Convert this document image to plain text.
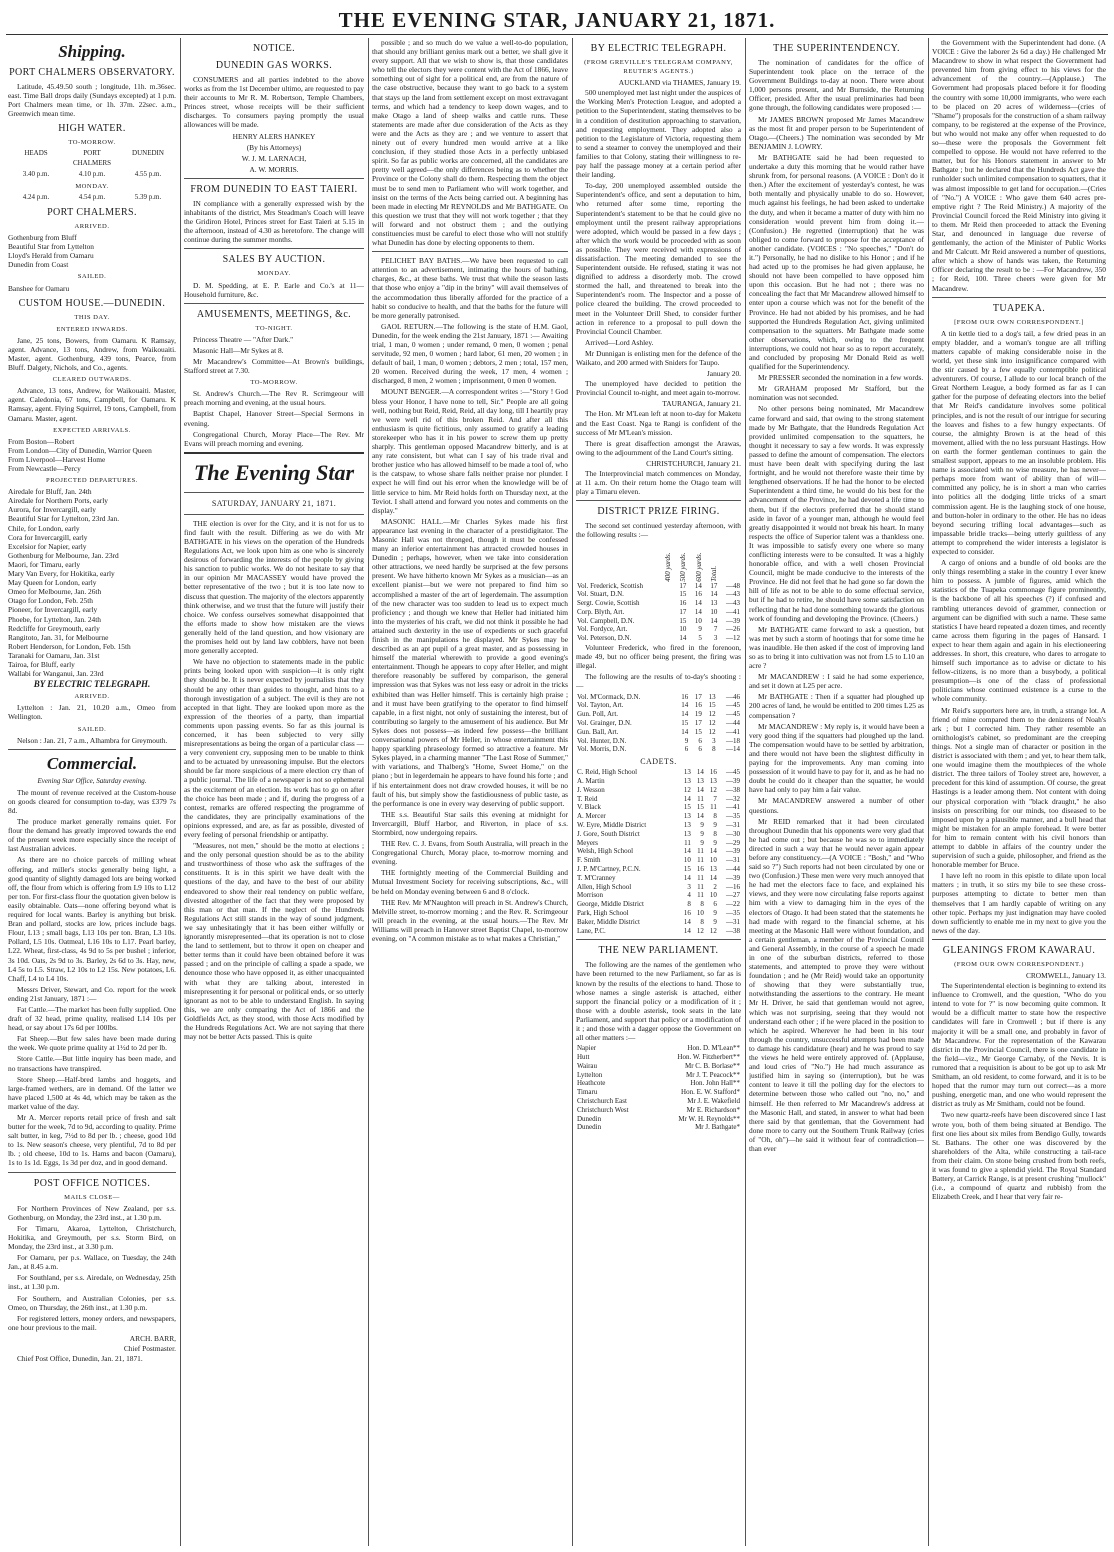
THE EVENING STAR, JANUARY 21, 1871.
Shipping.
PORT CHALMERS OBSERVATORY.

Latitude, 45.49.50 south ; longitude, 11h. m.36sec. east. Time Ball drops daily (Sundays excepted) at 1 p.m. Port Chalmers mean time, or 1h. 37m. 22sec. a.m., Greenwich mean time.

HIGH WATER.
TO-MORROW.
HEADS	PORT CHALMERS
DUNEDIN
3.40 p.m.	4.10 p.m.	4.55 p.m.
MONDAY.
4.24 p.m.	4.54 p.m.	5.39 p.m.
PORT CHALMERS.
ARRIVED.

Gothenburg from Bluff

Beautiful Star from Lyttelton

Lloyd's Herald from Oamaru

Dunedin from Coast

SAILED.

Banshee for Oamaru

CUSTOM HOUSE.—DUNEDIN.
THIS DAY.
ENTERED INWARDS.

Jane, 25 tons, Bowers, from Oamaru. K Ramsay, agent. Advance, 13 tons, Andrew, from Waikouaiti. Master, agent. Gothenburg, 439 tons, Pearce, from Bluff. Dalgety, Nichols, and Co., agents.

CLEARED OUTWARDS.

Advance, 13 tons, Andrew, for Waikouaiti. Master, agent. Caledonia, 67 tons, Campbell, for Oamaru. K Ramsay, agent. Flying Squirrel, 19 tons, Campbell, from Oamaru. Master, agent.

EXPECTED ARRIVALS.

From Boston—Robert

From London—City of Dunedin, Warrior Queen

From Liverpool—Harvest Home

From Newcastle—Percy

PROJECTED DEPARTURES.

Airedale for Bluff, Jan. 24th

Airedale for Northern Ports, early

Aurora, for Invercargill, early

Beautiful Star for Lyttelton, 23rd Jan.

Chile, for London, early

Cora for Invercargill, early

Excelsior for Napier, early

Gothenburg for Melbourne, Jan. 23rd

Maori, for Timaru, early

Mary Van Every, for Hokitika, early

May Queen for London, early

Omeo for Melbourne, Jan. 26th

Otago for London, Feb. 25th

Pioneer, for Invercargill, early

Phoebe, for Lyttelton, Jan. 24th

Redcliffe for Greymouth, early

Rangitoto, Jan. 31, for Melbourne

Robert Henderson, for London, Feb. 15th

Taranaki for Oamaru, Jan. 31st

Tairoa, for Bluff, early

Wallabi for Wanganui, Jan. 23rd

BY ELECTRIC TELEGRAPH.
ARRIVED.

Lyttelton : Jan. 21, 10.20 a.m., Omeo from Wellington.

SAILED.

Nelson : Jan. 21, 7 a.m., Alhambra for Greymouth.

Commercial.
Evening Star Office, Saturday evening.

The mount of revenue received at the Custom-house on goods cleared for consumption to-day, was £379 7s 8d.

The produce market generally remains quiet. For flour the demand has greatly improved towards the end of the present week more especially since the receipt of last Australian advices.

As there are no choice parcels of milling wheat offering, and miller's stocks generally being light, a good quantity of slightly damaged lots are being worked off, the flour from which is offering from L9 10s to L12 per ton. For first-class flour the quotation given below is easily obtainable. Oats—none offering beyond what is required for local wants. Barley is anything but brisk. Bran and pollard, stocks are low, prices include bags. Flour, L13 ; small bags, L13 10s per ton. Bran, L3 10s. Pollard, L5 10s. Oatmeal, L16 10s to L17. Pearl barley, L22. Wheat, first-class, 4s 9d to 5s per bushel ; inferior, 3s 10d. Oats, 2s 9d to 3s. Barley, 2s 6d to 3s. Hay, new, L4 5s to L5. Straw, L2 10s to L2 15s. New potatoes, L6. Chaff, L4 to L4 10s.

Messrs Driver, Stewart, and Co. report for the week ending 21st January, 1871 :—

Fat Cattle.—The market has been fully supplied. One draft of 32 head, prime quality, realised L14 10s per head, or say about 17s 6d per 100lbs.

Fat Sheep.—But few sales have been made during the week. We quote prime quality at 1½d to 2d per lb.

Store Cattle.—But little inquiry has been made, and no transactions have transpired.

Store Sheep.—Half-bred lambs and hoggets, and large-framed wethers, are in demand. Of the latter we have placed 1,500 at 4s 4d, which may be taken as the market value of the day.

Mr A. Mercer reports retail price of fresh and salt butter for the week, 7d to 9d, according to quality. Prime salt butter, in keg, 7½d to 8d per lb. ; cheese, good 10d to 1s. New season's cheese, very plentiful, 7d to 8d per lb. ; old cheese, 10d to 1s. Hams and bacon (Oamaru), 1s to 1s 1d. Eggs, 1s 3d per doz, and in good demand.

POST OFFICE NOTICES.
MAILS CLOSE—

For Northern Provinces of New Zealand, per s.s. Gothenburg, on Monday, the 23rd inst., at 1.30 p.m.

For Timaru, Akaroa, Lyttelton, Christchurch, Hokitika, and Greymouth, per s.s. Storm Bird, on Monday, the 23rd inst., at 3.30 p.m.

For Oamaru, per p.s. Wallace, on Tuesday, the 24th Jan., at 8.45 a.m.

For Southland, per s.s. Airedale, on Wednesday, 25th inst., at 1.30 p.m.

For Southern, and Australian Colonies, per s.s. Omeo, on Thursday, the 26th inst., at 1.30 p.m.

For registered letters, money orders, and newspapers, one hour previous to the mail.

ARCH. BARR,

Chief Postmaster.

Chief Post Office, Dunedin, Jan. 21, 1871.

NOTICE.
DUNEDIN GAS WORKS.

CONSUMERS and all parties indebted to the above works as from the 1st December ultimo, are requested to pay their accounts to Mr R. M. Robertson, Temple Chambers, Princes street, whose receipts will be their sufficient discharges. To consumers paying promptly the usual allowances will be made.

HENRY ALERS HANKEY

(By his Attorneys)

W. J. M. LARNACH,

A. W. MORRIS.

FROM DUNEDIN TO EAST TAIERI.

IN compliance with a generally expressed wish by the inhabitants of the district, Mrs Steadman's Coach will leave the Gridiron Hotel, Princes street for East Taieri at 5.15 in the afternoon, instead of 4.30 as heretofore. The change will continue during the summer months.

SALES BY AUCTION.
MONDAY.

D. M. Spedding, at E. P. Earle and Co.'s at 11—Household furniture, &c.

AMUSEMENTS, MEETINGS, &c.
TO-NIGHT.

Princess Theatre — "After Dark."

Masonic Hall—Mr Sykes at 8.

Mr Macandrew's Committee—At Brown's buildings, Stafford street at 7.30.

TO-MORROW.

St. Andrew's Church.—The Rev R. Scrimgeour will preach morning and evening, at the usual hours.

Baptist Chapel, Hanover Street—Special Sermons in evening.

Congregational Church, Moray Place—The Rev. Mr Evans will preach morning and evening.

The Evening Star
SATURDAY, JANUARY 21, 1871.

THE election is over for the City, and it is not for us to find fault with the result. Differing as we do with Mr BATHGATE in his views on the operation of the Hundreds Regulations Act, we look upon him as one who is sincerely desirous of forwarding the interests of the people by giving his sanction to public works. We do not hesitate to say that in our opinion Mr MACASSEY would have proved the better representative of the two ; but it is too late now to discuss that question. The majority of the electors apparently think otherwise, and we trust that the future will justify their choice. We confess ourselves somewhat disappointed that the efforts made to show how mistaken are the views generally held of the land question, and how visionary are the promises held out by land law cobblers, have not been more generally accepted.

We have no objection to statements made in the public prints being looked upon with suspicion—it is only right they should be. It is never expected by journalists that they should be any other than guides to thought, and hints to a thorough investigation of a subject. The evil is they are not accepted in that light. They are looked upon more as the expression of the theories of a party, than impartial comments upon passing events. So far as this journal is concerned, it has been subjected to very silly misrepresentations as being the organ of a particular class —a very convenient cry, supposing men to be unable to think and to be actuated by unreasoning impulse. But the electors should be far more suspicious of a mere election cry than of a public journal. The life of a newspaper is not so ephemeral as the excitement of an election. Its work has to go on after the choice has been made ; and if, during the progress of a contest, remarks are offered respecting the programme of the candidates, they are principally examinations of the opinions expressed, and are, as far as possible, divested of every feeling of personal friendship or antipathy.

"Measures, not men," should be the motto at elections ; and the only personal question should be as to the ability and trustworthiness of those who ask the suffrages of the constituents. It is in this spirit we have dealt with the questions of the day, and have to the best of our ability endeavored to show their real tendency on public welfare, divested altogether of the fact that they were proposed by this man or that man. If the neglect of the Hundreds Regulations Act still stands in the way of sound judgment, we say unhesitatingly that it has been either wilfully or ignorantly misrepresented—that its operation is not to close the land to settlement, but to throw it open on cheaper and better terms than it could have been obtained before it was passed ; and on the principle of calling a spade a spade, we denounce those who have opposed it, as either unacquainted with what they are talking about, interested in misrepresenting it for personal or political ends, or so utterly ignorant as not to be able to understand English. In saying this, we are only comparing the Act of 1866 and the Goldfields Act, as they stood, with those Acts modified by the Hundreds Regulations Act. We are not saying that there may not be better Acts passed. This is quite

possible ; and so much do we value a well-to-do population, that should any brilliant genius mark out a better, we shall give it every support. All that we wish to show is, that those candidates who tell the electors they were content with the Act of 1866, leave something out of sight for a political end, are from the nature of the case obstructive, because they want to go back to a system that stays up the land from settlement except on most extravagant terms, and which had a tendency to keep down wages, and to make Otago a land of sheep walks and cattle runs. These statements are made after due consideration of the Acts as they were and the Acts as they are ; and we venture to assert that ninety out of every hundred men would arrive at a like conclusion, if they studied those Acts in a perfectly unbiased spirit. So far as public works are concerned, all the candidates are pretty well agreed—the only differences being as to whether the Province or the Colony shall do them. Respecting them the object must be to send men to Parliament who will work together, and insist on the terms of the Acts being carried out. A beginning has been made in electing Mr REYNOLDS and Mr BATHGATE. On this question we trust that they will not work together ; that they will forward and not obstruct them ; and the outlying constituencies must be careful to elect those who will not stultify what Dunedin has done by electing opponents to them.

PELICHET BAY BATHS.—We have been requested to call attention to an advertisement, intimating the hours of bathing, charges, &c., at these baths. We trust that while the season lasts that those who enjoy a "dip in the briny" will avail themselves of the accommodation thus liberally afforded for the practice of a habit so conducive to health, and that the baths for the future will be more generally patronised.

GAOL RETURN.—The following is the state of H.M. Gaol, Dunedin, for the week ending the 21st January, 1871 :— Awaiting trial, 1 man, 0 women ; under remand, 0 men, 0 women ; penal servitude, 92 men, 0 women ; hard labor, 61 men, 20 women ; in default of bail, 1 man, 0 women ; debtors, 2 men ; total, 157 men, 20 women. Received during the week, 17 men, 4 women ; discharged, 8 men, 2 women ; imprisonment, 0 men 0 women.

MOUNT BENGER.—A correspondent writes :—"Story ! God bless your Honor, I have none to tell, Sir." People are all going well, nothing but Reid, Reid, Reid, all day long, till I heartily pray we were well rid of this broken Reid. And after all this enthusiasm is quite fictitious, only assumed to gratify a leading storekeeper who has it in his power to screw them up pretty sharply. This gentleman opposed Macandrew bitterly, and is at any rate consistent, but what can I say of his trade rival and brother justice who has allowed himself to be made a tool of, who is the catspaw, to whose share falls neither praise nor plunder. I expect he will find out his error when the knowledge will be of little service to him. Mr Reid holds forth on Thursday next, at the Teviot. I shall attend and forward you notes and comments on the display."

MASONIC HALL.—Mr Charles Sykes made his first appearance last evening in the character of a prestidigitator. The Masonic Hall was not thronged, though it must be confessed many an inferior entertainment has attracted crowded houses in Dunedin ; perhaps, however, when we take into consideration other attractions, we need hardly be surprised at the few persons present. We have hitherto known Mr Sykes as a musician—as an excellent pianist—but we were not prepared to find him so accomplished a master of the art of legerdemain. The assumption of the new character was too sudden to lead us to expect much proficiency ; and though we knew that Heller had initiated him into the mysteries of his craft, we did not think it possible he had attained such dexterity in the use of expedients or such graceful finish in the manipulations he displayed. Mr Sykes may be described as an apt pupil of a great master, and as possessing in himself the material wherewith to provide a good evening's entertainment. Though he appears to copy after Heller, and might therefore reasonably be suffered by comparison, the general impression was that Sykes was not less easy or adroit in the tricks exhibited than was Heller himself. This is certainly high praise ; and it must have been gratifying to the operator to find himself capable, in a first night, not only of sustaining the interest, but of contributing so largely to the amusement of his audience. But Mr Sykes does not possess—as indeed few possess—the brilliant conversational powers of Mr Heller, in whose entertainment this happy sparkling phraseology formed so attractive a feature. Mr Sykes played, in a charming manner "The Last Rose of Summer," with variations, and Thalberg's "Home, Sweet Home," on the piano ; but in legerdemain he appears to have found his forte ; and if his entertainment does not draw crowded houses, it will be no fault of his, but simply show the fastidiousness of public taste, as the performance is one in every way deserving of public support.

THE s.s. Beautiful Star sails this evening at midnight for Invercargill, Bluff Harbor, and Riverton, in place of s.s. Stormbird, now undergoing repairs.

THE Rev. C. J. Evans, from South Australia, will preach in the Congregational Church, Moray place, to-morrow morning and evening.

THE fortnightly meeting of the Commercial Building and Mutual Investment Society for receiving subscriptions, &c., will be held on Monday evening between 6 and 8 o'clock.

THE Rev. Mr M'Naughton will preach in St. Andrew's Church, Melville street, to-morrow morning ; and the Rev. R. Scrimgeour will preach in the evening, at the usual hours.—The Rev. Mr Williams will preach in Hanover street Baptist Chapel, to-morrow evening, on "A common mistake as to what makes a Christian,"

BY ELECTRIC TELEGRAPH.
(FROM GREVILLE'S TELEGRAM COMPANY, REUTER'S AGENTS.)

AUCKLAND via THAMES, January 19.

500 unemployed met last night under the auspices of the Working Men's Protection League, and adopted a petition to the Superintendent, stating themselves to be in a condition of destitution approaching to starvation, and requesting employment. They adopted also a petition to the Legislature of Victoria, requesting them to send a steamer to convey the unemployed and their families to that Colony, stating their willingness to re-pay half the passage money at a certain period after their landing.

To-day, 200 unemployed assembled outside the Superintendent's office, and sent a deputation to him, who returned after some time, reporting the Superintendent's statement to be that he could give no employment until the present railway appropriations were adopted, which would be passed in a few days ; after which the work would be proceeded with as soon as possible. They were received with expressions of dissatisfaction. The meeting demanded to see the Superintendent outside. He refused, stating it was not dignified to address a disorderly mob. The crowd stormed the hall, and threatened to break into the Superintendent's room. The Inspector and a posse of police cleared the building. The crowd proceeded to meet in the Volunteer Drill Shed, to consider further action in reference to a proposal to pull down the Provincial Council Chamber.

Arrived—Lord Ashley.

Mr Dunnigan is enlisting men for the defence of the Waikato, and 200 armed with Sniders for Taupo.

January 20.

The unemployed have decided to petition the Provincial Council to-night, and meet again to-morrow.

TAURANGA, January 21.

The Hon. Mr M'Lean left at noon to-day for Maketu and the East Coast. Nga te Rangi is confident of the success of Mr M'Lean's mission.

There is great disaffection amongst the Arawas, owing to the adjournment of the Land Court's sitting.

CHRISTCHURCH, January 21.

The Interprovincial match commences on Monday, at 11 a.m. On their return home the Otago team will play a Timaru eleven.

DISTRICT PRIZE FIRING.

The second set continued yesterday afternoon, with the following results :—

	400 yards.	500 yards.	600 yards.	Total.
Vol. Frederick, Scottish	17	14	17	—48
Vol. Stuart, D.N.	15	16	14	—43
Sergt. Cowie, Scottish	16	14	13	—43
Corp. Blyth, Art.	17	14	10	—41
Vol. Campbell, D.N.	15	10	14	—39
Vol. Fordyce, Art.	10	9	7	—26
Vol. Peterson, D.N.	14	5	3	—12

Volunteer Frederick, who fired in the forenoon, made 49, but no officer being present, the firing was illegal.

The following are the results of to-day's shooting :—

Vol. M'Cormack, D.N.	16	17	13	—46
Vol. Tayton, Art.	14	16	15	—45
Gun. Poll, Art.	14	19	12	—45
Vol. Grainger, D.N.	15	17	12	—44
Gun. Ball, Art.	14	15	12	—41
Vol. Hunter, D.N.	9	6	3	—18
Vol. Morris, D.N.	6	6	8	—14
CADETS.
C. Reid, High School	13	14	16	—45
A. Martin	13	13	13	—39
J. Wesson	12	14	12	—38
T. Reid	14	11	7	—32
V. Black	15	15	11	—41
A. Mercer	13	14	8	—35
W. Eyre, Middle District	13	9	9	—31
J. Gore, South District	13	9	8	—30
Meyers	11	9	9	—29
Welsh, High School	14	11	14	—39
F. Smith	10	11	10	—31
J. P. M'Cartney, P.C.N.	15	16	13	—44
T. M'Cranney	14	11	14	—39
Allen, High School	3	11	2	—16
Morrison	4	11	10	—27
George, Middle District	8	8	6	—22
Park, High School	16	10	9	—35
Baker, Middle District	14	8	9	—31
Lane, P.C.	14	12	12	—38
THE NEW PARLIAMENT.

The following are the names of the gentlemen who have been returned to the new Parliament, so far as is known by the results of the elections to hand. Those to whose names a single asterisk is attached, either support the financial policy or a modification of it ; those with a double asterisk, took seats in the late Parliament, and support that policy or a modification of it ; and those with a dagger oppose the Government on all other matters :—

Napier	Hon. D. M'Lean**
Hutt	Hon. W. Fitzherbert**
Wairau	Mr C. B. Borlase**
Lyttelton	Mr J. T. Peacock**
Heathcote	Hon. John Hall**
Timaru	Hon. E. W. Stafford*
Christchurch East	Mr J. E. Wakefield
Christchurch West	Mr E. Richardson*
Dunedin	Mr W. H. Reynolds**
Dunedin	Mr J. Bathgate*
THE SUPERINTENDENCY.

The nomination of candidates for the office of Superintendent took place on the terrace of the Government Buildings to-day at noon. There were about 1,000 persons present, and Mr Burnside, the Returning Officer, presided. After the usual preliminaries had been gone through, the following candidates were proposed :—

Mr JAMES BROWN proposed Mr James Macandrew as the most fit and proper person to be Superintendent of Otago.—(Cheers.) The nomination was seconded by Mr BENJAMIN J. LOWRY.

Mr BATHGATE said he had been requested to undertake a duty this morning that he would rather have shrunk from, for personal reasons. (A VOICE : Don't do it then.) After the excitement of yesterday's contest, he was both mentally and physically unable to do so. However, much against his feelings, he had been asked to undertake the duty, and when it became a matter of duty with him no consideration would prevent him from doing it.—(Confusion.) He regretted (interruption) that he was obliged to come forward to propose for the acceptance of another candidate. (VOICES : "No speeches," "Don't do it.") Personally, he had no dislike to his Honor ; and if he had acted up to the promises he had given applause, he should not have been compelled to have opposed him upon this occasion. But he had not ; there was no concealing the fact that Mr Macandrew allowed himself to enter upon a course which was not for the benefit of the Province. He had not abided by his promises, and he had supported the Hundreds Regulation Act, giving unlimited compensation to the squatters. Mr Bathgate made some other observations, which, owing to the frequent interruptions, we could not hear so as to report accurately, and concluded by proposing Mr Donald Reid as well qualified for the Superintendency.

Mr PRESSER seconded the nomination in a few words.

Mr GRAHAM proposed Mr Stafford, but the nomination was not seconded.

No other persons being nominated, Mr Macandrew came forward and said, that owing to the strong statement made by Mr Bathgate, that the Hundreds Regulation Act provided unlimited compensation to the squatters, he thought it necessary to say a few words. It was expressly passed to define the amount of compensation. The electors must have been dealt with specifying during the last fortnight, and he would not therefore waste their time by lengthened observations. If he had the honor to be elected Superintendent a third time, he would do his best for the advancement of the Province, he had devoted a life time to them, but if the electors preferred that he should stand aside in favor of a younger man, although he would feel greatly disappointed it would not break his heart. In many respects the office of Superior talent was a thankless one. It was impossible to satisfy every one where so many conflicting interests were to be consulted. It was a highly honorable office, and with a well chosen Provincial Council, might be made conducive to the interests of the Province. He did not feel that he had gone so far down the hill of life as not to be able to do some effectual service, but if he had to retire, he should have some satisfaction on reflecting that he had done something towards the glorious work of founding and developing the Province. (Cheers.)

Mr BATHGATE came forward to ask a question, but was met by such a storm of hootings that for some time he was inaudible. He then asked if the cost of improving land so as to bring it into cultivation was not from L5 to L10 an acre ?

Mr MACANDREW : I said he had some experience, and set it down at L25 per acre.

Mr BATHGATE : Then if a squatter had ploughed up 200 acres of land, he would be entitled to 200 times L25 as compensation ?

Mr MACANDREW : My reply is, it would have been a very good thing if the squatters had ploughed up the land. The compensation would have to be settled by arbitration, and there would not have been the slightest difficulty in paying for the improvements. Any man coming into possession of it would have to pay for it, and as he had no doubt he could do it cheaper than the squatter, he would have had only to pay him a fair value.

Mr MACANDREW answered a number of other questions.

Mr REID remarked that it had been circulated throughout Dunedin that his opponents were very glad that he had come out ; but because he was so to immediately directed in such a way that he would never again appear before any constituency.—(A VOICE : "Bosh," and "Who said so ?") Such reports had not been circulated by one or two (Confusion.) These men were very much annoyed that he had met the electors face to face, and explained his views, and they were now circulating false reports against him with a view to damaging him in the eyes of the electors of Otago. It had been stated that the statements he had made with regard to the financial scheme, at his meeting at the Masonic Hall were without foundation, and a certain gentleman, a member of the Provincial Council and General Assembly, in the course of a speech he made in one of the suburban districts, referred to those statements, and attempted to prove they were without foundation ; and he (Mr Reid) would take an opportunity of showing that they were substantially true, notwithstanding the assertions to the contrary. He meant Mr H. Driver, he said that gentleman would not agree, which was not surprising, seeing that they would not understand each other ; if he were placed in the position to which he aspired. Wherever he had been in his tour through the country, unsuccessful attempts had been made to damage his candidature (hear) and he was proud to say the views he held were entirely approved of. (Applause, and loud cries of "No.") He had much assurance as justified him in saying so (interruption), but he was content to leave it till the polling day for the electors to determine between those who called out "no, no," and himself. He then referred to Mr Macandrew's address at the Masonic Hall, and stated, in answer to what had been there said by that gentleman, that the Government had done more to carry out the Southern Trunk Railway (cries of "Oh, oh")—he said it without fear of contradiction—than ever

the Government with the Superintendent had done. (A VOICE : Give the laborer 2s 6d a day.) He challenged Mr Macandrew to show in what respect the Government had prevented him from giving effect to his views for the advancement of the country.—(Applause.) The Government had proposals placed before it for flooding the country with some 10,000 immigrants, who were each to be placed on 20 acres of wilderness—(cries of "Shame") proposals for the construction of a sham railway company, to be registered at the expense of the Province, but who would not make any offer when requested to do so—these were the proposals the Government felt compelled to oppose. He would not have referred to the matter, but for his Honors statement in answer to Mr Bathgate ; but he declared that the Hundreds Act gave the runholder such unlimited compensation to squatters, that it was almost impossible to get land for occupation.—(Cries of "No.") A VOICE : Who gave them 640 acres pre-emptive right ? The Reid Ministry.) A majority of the Provincial Council forced the Reid Ministry into giving it to them. Mr Reid then proceeded to attack the Evening Star, and denounced in language due reverse of gentlemanly, the action of the Minister of Public Works and Mr Calcutt. Mr Reid answered a number of questions, after which a show of hands was taken, the Returning Officer declaring the result to be : —For Macandrew, 350 ; for Reid, 100. Three cheers were given for Mr Macandrew.

TUAPEKA.
[FROM OUR OWN CORRESPONDENT.]

A tin kettle tied to a dog's tail, a few dried peas in an empty bladder, and a woman's tongue are all trifling matters capable of making considerable noise in the world, yet these sink into insignificance compared with the stir caused by a few equally contemptible political adventurers. Of course, I allude to our local branch of the Great Northern League, a body formed as far as I can gather for the purpose of defeating electors into the belief that Mr Reid's candidature involves some political principles, and is not the result of our intrigue for securing the loaves and fishes to a few hungry expectants. Of course, the almighty Brown is at the head of this movement, allied with the no less pursuant Hastings. How on earth the former gentleman continues to gain the smallest support, appears to me an insoluble problem. His name is associated with no wise measure, he has never—perhaps more from want of ability than of will—committed any policy, he is in short a man who carries into politics all the dodging little tricks of a smart commission agent. He is the laughing stock of one house, and button-holer in ordinary to the other. He has no ideas beyond securing trifling local advantages—such as impassable bridle tracks—being utterly guiltless of any attempt to comprehend the wider interests a legislator is expected to consider.

A cargo of onions and a bundle of old books are the only things resembling a stake in the country I ever knew him to possess. A jumble of figures, amid which the statistics of the Tuapeka commonage figure prominently, is the backbone of all his speeches (?) if confused and rambling utterances devoid of grammer, connection or argument can be dignified with such a name. These same statistics I have heard repeated a dozen times, and recently came across them figuring in the pages of Hansard. I expect to hear them again and again in his electioneering addresses. In short, this creature, who dares to arrogate to himself such importance as to advise or dictate to his fellow-citizens, is no more than a busybody, a political presumption—is one of the class of professional politicians whose continued existence is a curse to the whole community.

Mr Reid's supporters here are, in truth, a strange lot. A friend of mine compared them to the denizens of Noah's ark ; but I corrected him. They rather resemble an ornithologist's cabinet, so predominant are the creeping things. Not a single man of character or position in the district is associated with them ; and yet, to hear them talk, one would imagine them the mouthpieces of the whole district. The three tailors of Tooley street are, however, a precedent for this kind of assumption. Of course, the great Hastings is a leader among them. Not content with doing our physical corporation with "black draught," he also insists on prescribing for our minds, too diseased to be imposed upon by a plausible manner, and a bull head that might be mistaken for an ample forehead. It were better for him to remain content with his civil honors than attempt to dabble in affairs of the country under the supervision of such a guide, philosopher, and friend as the honorable member for Bruce.

I have left no room in this epistle to dilate upon local matters ; in truth, it so stirs my bile to see these cross-purposes attempting to dictate to better men than themselves that I am hardly capable of writing on any other topic. Perhaps my just indignation may have cooled down sufficiently to enable me in my next to give you the news of the day.

GLEANINGS FROM KAWARAU.
(FROM OUR OWN CORRESPONDENT.)

CROMWELL, January 13.

The Superintendental election is beginning to extend its influence to Cromwell, and the question, "Who do you intend to vote for ?" is now becoming quite common. It would be a difficult matter to state how the respective candidates will fare in Cromwell ; but if there is any majority it will be a small one, and probably in favor of Mr Macandrew. For the representation of the Kawarau district in the Provincial Council, there is one candidate in the field—viz., Mr George Carnaby, of the Nevis. It is rumored that a requisition is about to be got up to ask Mr Smitham, an old resident, to come forward, and it is to be hoped that the rumor may turn out correct—as a more pushing, energetic man, and one who would represent the district as truly as Mr Smitham, could not be found.

Two new quartz-reefs have been discovered since I last wrote you, both of them being situated at Bendigo. The first one lies about six miles from Bendigo Gully, towards St. Bathans. The other one was discovered by the shareholders of the Alta, while constructing a tail-race from their claim. On stone being crushed from both reefs, it was found to give a splendid yield. The Royal Standard Battery, at Carrick Range, is at present crushing "mullock" (i.e., a compound of quartz and rubbish) from the Elizabeth Creek, and I hear that very fair re-
